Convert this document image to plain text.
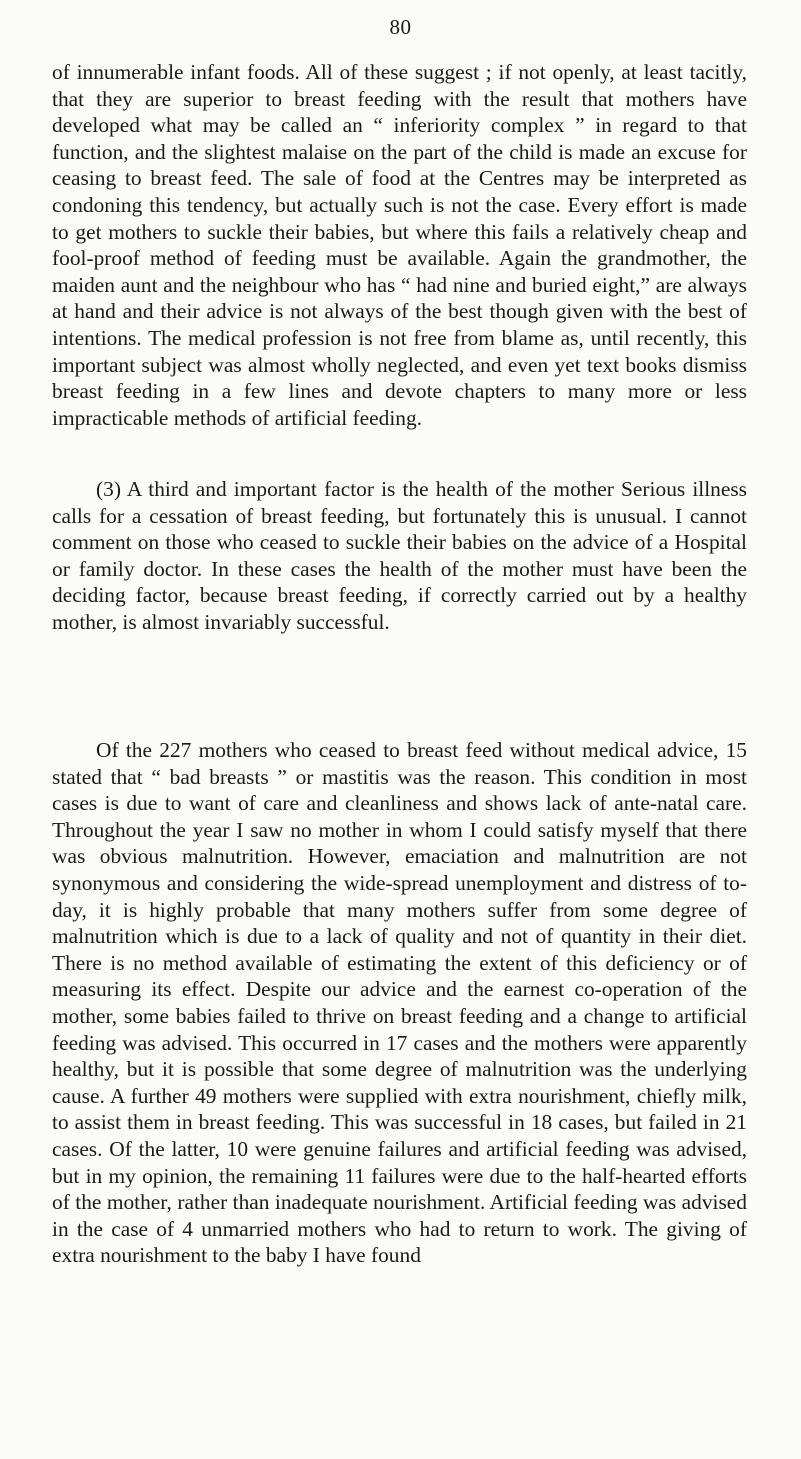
80

of innumerable infant foods. All of these suggest ; if not openly, at least tacitly, that they are superior to breast feeding with the result that mothers have developed what may be called an “ inferiority complex ” in regard to that function, and the slightest malaise on the part of the child is made an excuse for ceasing to breast feed. The sale of food at the Centres may be interpreted as condoning this tendency, but actually such is not the case. Every effort is made to get mothers to suckle their babies, but where this fails a relatively cheap and fool-proof method of feeding must be available. Again the grandmother, the maiden aunt and the neighbour who has “ had nine and buried eight,” are always at hand and their advice is not always of the best though given with the best of intentions. The medical profession is not free from blame as, until recently, this important subject was almost wholly neglected, and even yet text books dismiss breast feeding in a few lines and devote chapters to many more or less impracticable methods of artificial feeding.

(3) A third and important factor is the health of the mother Serious illness calls for a cessation of breast feeding, but fortunately this is unusual. I cannot comment on those who ceased to suckle their babies on the advice of a Hospital or family doctor. In these cases the health of the mother must have been the deciding factor, because breast feeding, if correctly carried out by a healthy mother, is almost invariably successful.

Of the 227 mothers who ceased to breast feed without medical advice, 15 stated that “ bad breasts ” or mastitis was the reason. This condition in most cases is due to want of care and cleanliness and shows lack of ante-natal care. Throughout the year I saw no mother in whom I could satisfy myself that there was obvious malnutrition. However, emaciation and malnutrition are not synonymous and considering the wide-spread unemployment and distress of to-day, it is highly probable that many mothers suffer from some degree of malnutrition which is due to a lack of quality and not of quantity in their diet. There is no method available of estimating the extent of this deficiency or of measuring its effect. Despite our advice and the earnest co-operation of the mother, some babies failed to thrive on breast feeding and a change to artificial feeding was advised. This occurred in 17 cases and the mothers were apparently healthy, but it is possible that some degree of malnutrition was the underlying cause. A further 49 mothers were supplied with extra nourishment, chiefly milk, to assist them in breast feeding. This was successful in 18 cases, but failed in 21 cases. Of the latter, 10 were genuine failures and artificial feeding was advised, but in my opinion, the remaining 11 failures were due to the half-hearted efforts of the mother, rather than inadequate nourishment. Artificial feeding was advised in the case of 4 unmarried mothers who had to return to work. The giving of extra nourishment to the baby I have found
